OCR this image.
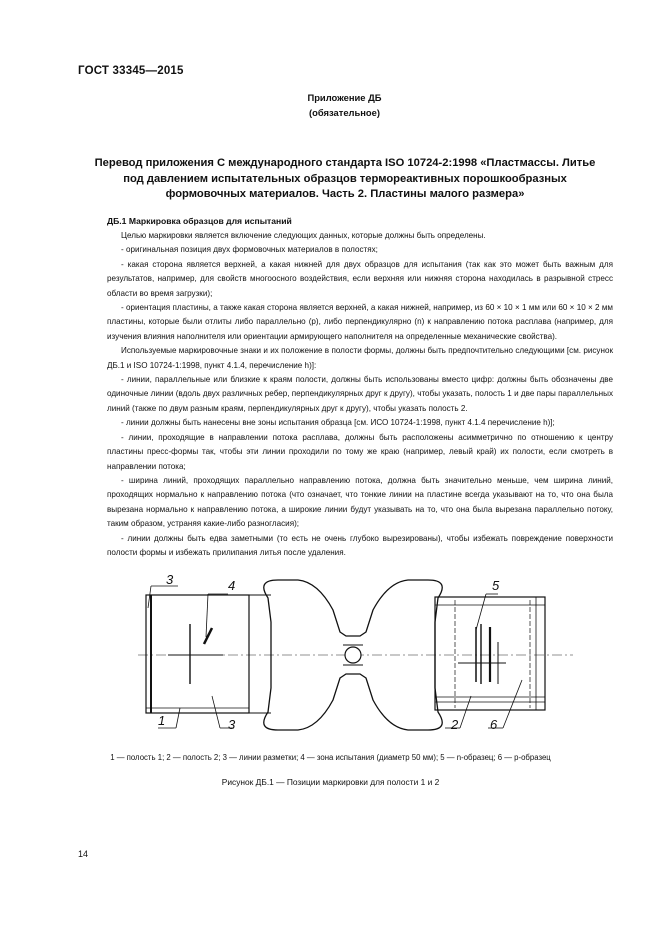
ГОСТ 33345—2015
Приложение ДБ
(обязательное)
Перевод приложения С международного стандарта ISO 10724-2:1998 «Пластмассы. Литье под давлением испытательных образцов термореактивных порошкообразных формовочных материалов. Часть 2. Пластины малого размера»
ДБ.1 Маркировка образцов для испытаний

Целью маркировки является включение следующих данных, которые должны быть определены.

- оригинальная позиция двух формовочных материалов в полостях;

- какая сторона является верхней, а какая нижней для двух образцов для испытания (так как это может быть важным для результатов, например, для свойств многоосного воздействия, если верхняя или нижняя сторона находилась в разрывной стресс области во время загрузки);

- ориентация пластины, а также какая сторона является верхней, а какая нижней, например, из 60 × 10 × 1 мм или 60 × 10 × 2 мм пластины, которые были отлиты либо параллельно (р), либо перпендикулярно (n) к направлению потока расплава (например, для изучения влияния наполнителя или ориентации армирующего наполнителя на определенные механические свойства).

Используемые маркировочные знаки и их положение в полости формы, должны быть предпочтительно следующими [см. рисунок ДБ.1 и ISO 10724-1:1998, пункт 4.1.4, перечисление h)]:

- линии, параллельные или близкие к краям полости, должны быть использованы вместо цифр: должны быть обозначены две одиночные линии (вдоль двух различных ребер, перпендикулярных друг к другу), чтобы указать, полость 1 и две пары параллельных линий (также по двум разным краям, перпендикулярных друг к другу), чтобы указать полость 2.

- линии должны быть нанесены вне зоны испытания образца [см. ИСО 10724-1:1998, пункт 4.1.4 перечисление h)];

- линии, проходящие в направлении потока расплава, должны быть расположены асимметрично по отношению к центру пластины пресс-формы так, чтобы эти линии проходили по тому же краю (например, левый край) их полости, если смотреть в направлении потока;

- ширина линий, проходящих параллельно направлению потока, должна быть значительно меньше, чем ширина линий, проходящих нормально к направлению потока (что означает, что тонкие линии на пластине всегда указывают на то, что она была вырезана нормально к направлению потока, а широкие линии будут указывать на то, что она была вырезана параллельно потоку, таким образом, устраняя какие-либо разногласия);

- линии должны быть едва заметными (то есть не очень глубоко вырезированы), чтобы избежать повреждение поверхности полости формы и избежать прилипания литья после удаления.

3	4	5
1	3	2 6
1 — полость 1; 2 — полость 2; 3 — линии разметки; 4 — зона испытания (диаметр 50 мм); 5 — n-образец; 6 — p-образец
Рисунок ДБ.1 — Позиции маркировки для полости 1 и 2
14
